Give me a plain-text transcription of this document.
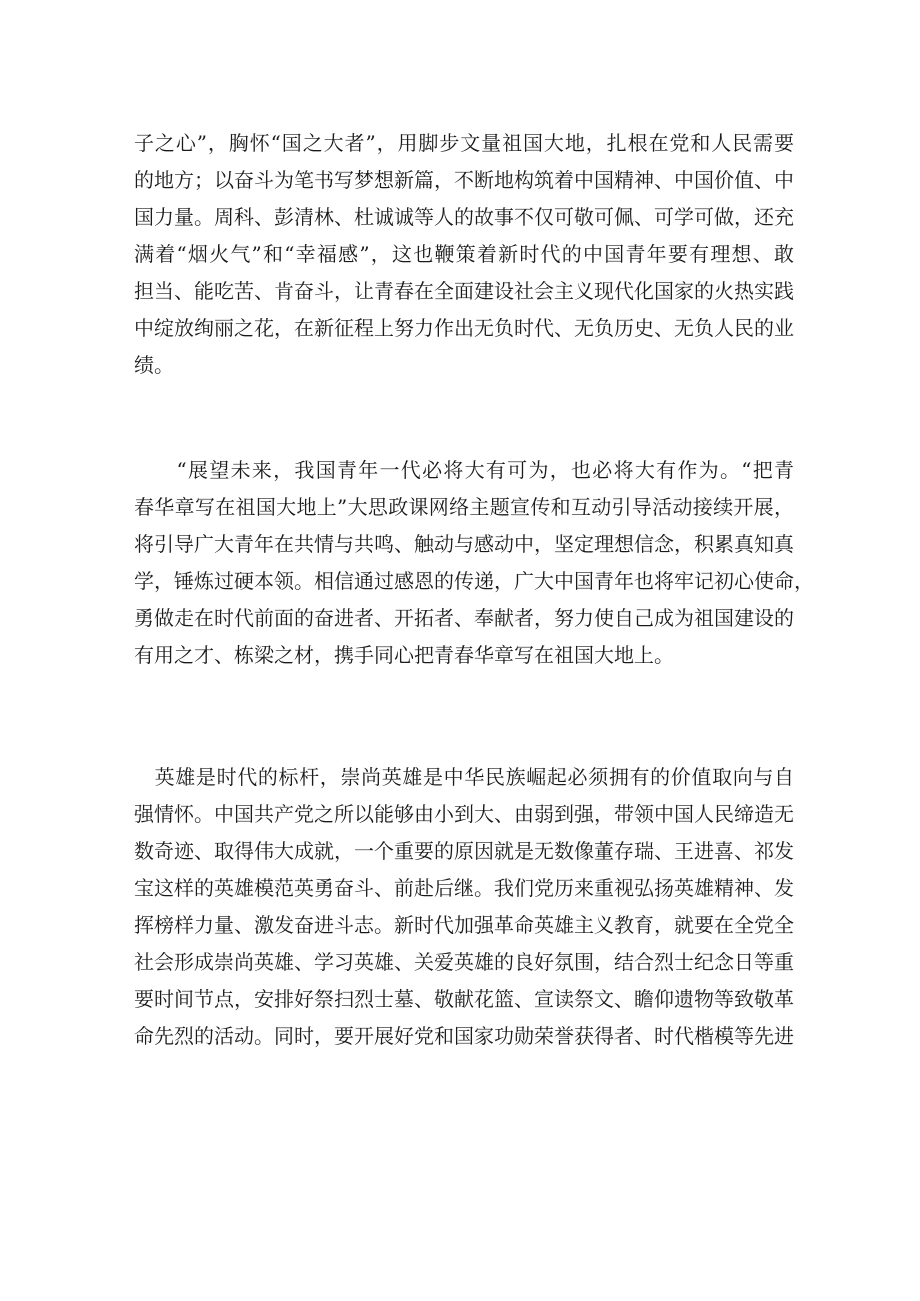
子之心”，胸怀“国之大者”，用脚步文量祖国大地，扎根在党和人民需要
的地方；以奋斗为笔书写梦想新篇，不断地构筑着中国精神、中国价值、中
国力量。周科、彭清林、杜诚诚等人的故事不仅可敬可佩、可学可做，还充
满着“烟火气”和“幸福感”，这也鞭策着新时代的中国青年要有理想、敢
担当、能吃苦、肯奋斗，让青春在全面建设社会主义现代化国家的火热实践
中绽放绚丽之花，在新征程上努力作出无负时代、无负历史、无负人民的业
绩。
　　“展望未来，我国青年一代必将大有可为，也必将大有作为。“把青
春华章写在祖国大地上”大思政课网络主题宣传和互动引导活动接续开展，
将引导广大青年在共情与共鸣、触动与感动中，坚定理想信念，积累真知真
学，锤炼过硬本领。相信通过感恩的传递，广大中国青年也将牢记初心使命，
勇做走在时代前面的奋进者、开拓者、奉献者，努力使自己成为祖国建设的
有用之才、栋梁之材，携手同心把青春华章写在祖国大地上。
　英雄是时代的标杆，崇尚英雄是中华民族崛起必须拥有的价值取向与自
强情怀。中国共产党之所以能够由小到大、由弱到强，带领中国人民缔造无
数奇迹、取得伟大成就，一个重要的原因就是无数像董存瑞、王进喜、祁发
宝这样的英雄模范英勇奋斗、前赴后继。我们党历来重视弘扬英雄精神、发
挥榜样力量、激发奋进斗志。新时代加强革命英雄主义教育，就要在全党全
社会形成崇尚英雄、学习英雄、关爱英雄的良好氛围，结合烈士纪念日等重
要时间节点，安排好祭扫烈士墓、敬献花篮、宣读祭文、瞻仰遗物等致敬革
命先烈的活动。同时，要开展好党和国家功勋荣誉获得者、时代楷模等先进
